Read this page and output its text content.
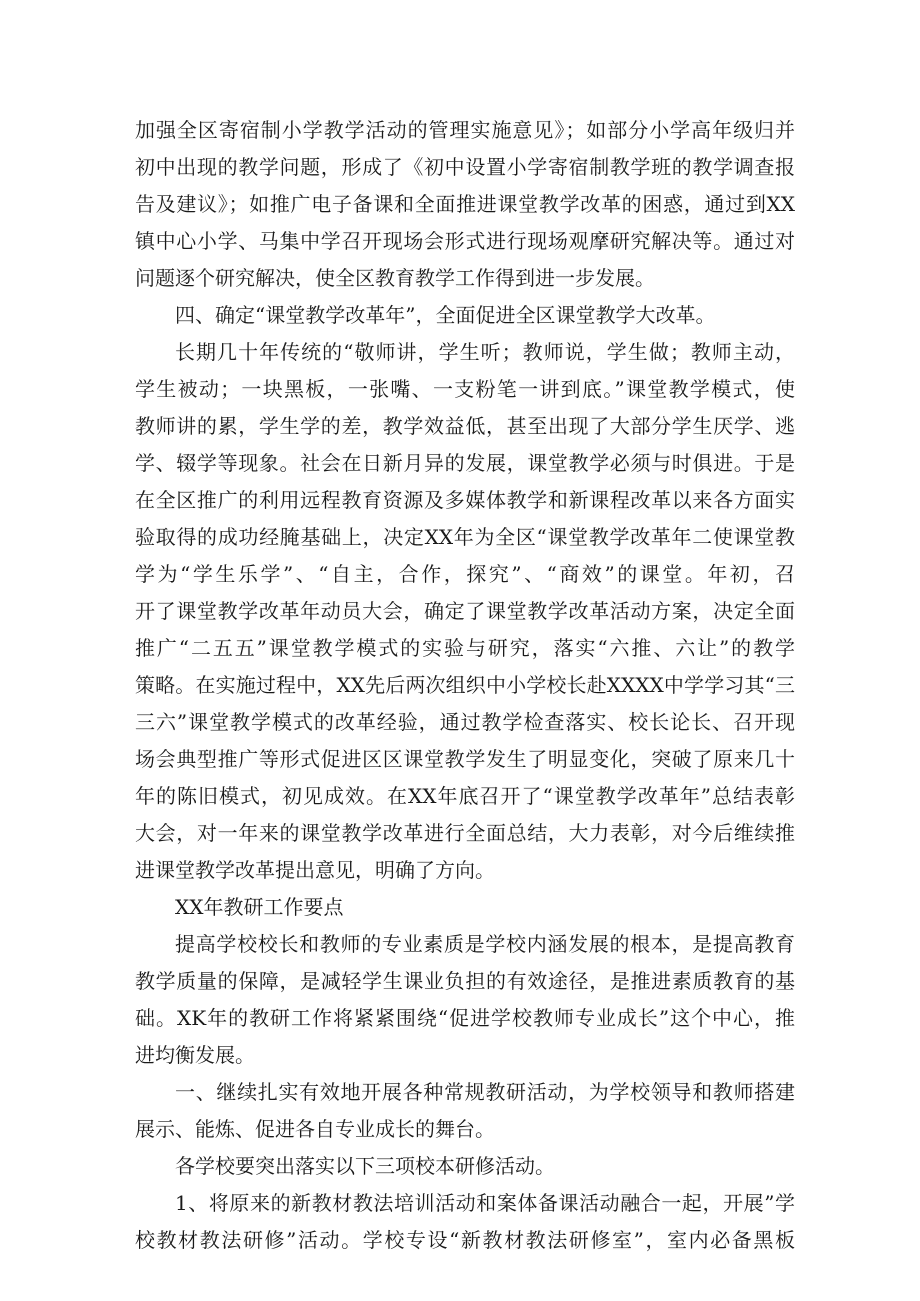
加强全区寄宿制小学教学活动的管理实施意见》；如部分小学高年级归并

初中出现的教学问题，形成了《初中设置小学寄宿制教学班的教学调查报

告及建议》；如推广电子备课和全面推进课堂教学改革的困惑，通过到XX

镇中心小学、马集中学召开现场会形式进行现场观摩研究解决等。通过对

问题逐个研究解决，使全区教育教学工作得到进一步发展。

四、确定“课堂教学改革年”，全面促进全区课堂教学大改革。

长期几十年传统的“敬师讲，学生听；教师说，学生做；教师主动，

学生被动；一块黑板，一张嘴、一支粉笔一讲到底。”课堂教学模式，使

教师讲的累，学生学的差，教学效益低，甚至出现了大部分学生厌学、逃

学、辍学等现象。社会在日新月异的发展，课堂教学必须与时俱进。于是

在全区推广的利用远程教育资源及多媒体教学和新课程改革以来各方面实

验取得的成功经腌基础上，决定XX年为全区“课堂教学改革年二使课堂教

学为“学生乐学”、“自主，合作，探究”、“商效”的课堂。年初，召

开了课堂教学改革年动员大会，确定了课堂教学改革活动方案，决定全面

推广“二五五”课堂教学模式的实验与研究，落实“六推、六让”的教学

策略。在实施过程中，XX先后两次组织中小学校长赴XXXX中学学习其“三

三六”课堂教学模式的改革经验，通过教学检查落实、校长论长、召开现

场会典型推广等形式促进区区课堂教学发生了明显变化，突破了原来几十

年的陈旧模式，初见成效。在XX年底召开了“课堂教学改革年”总结表彰

大会，对一年来的课堂教学改革进行全面总结，大力表彰，对今后维续推

进课堂教学改革提出意见，明确了方向。

XX年教研工作要点

提高学校校长和教师的专业素质是学校内涵发展的根本，是提高教育

教学质量的保障，是减轻学生课业负担的有效途径，是推进素质教育的基

础。XK年的教研工作将紧紧围绕“促进学校教师专业成长”这个中心，推

进均衡发展。

一、继续扎实有效地开展各种常规教研活动，为学校领导和教师搭建

展示、能炼、促进各自专业成长的舞台。

各学校要突出落实以下三项校本研修活动。

1、将原来的新教材教法培训活动和案体备课活动融合一起，开展”学

校教材教法研修”活动。学校专设“新教材教法研修室”，室内必备黑板
